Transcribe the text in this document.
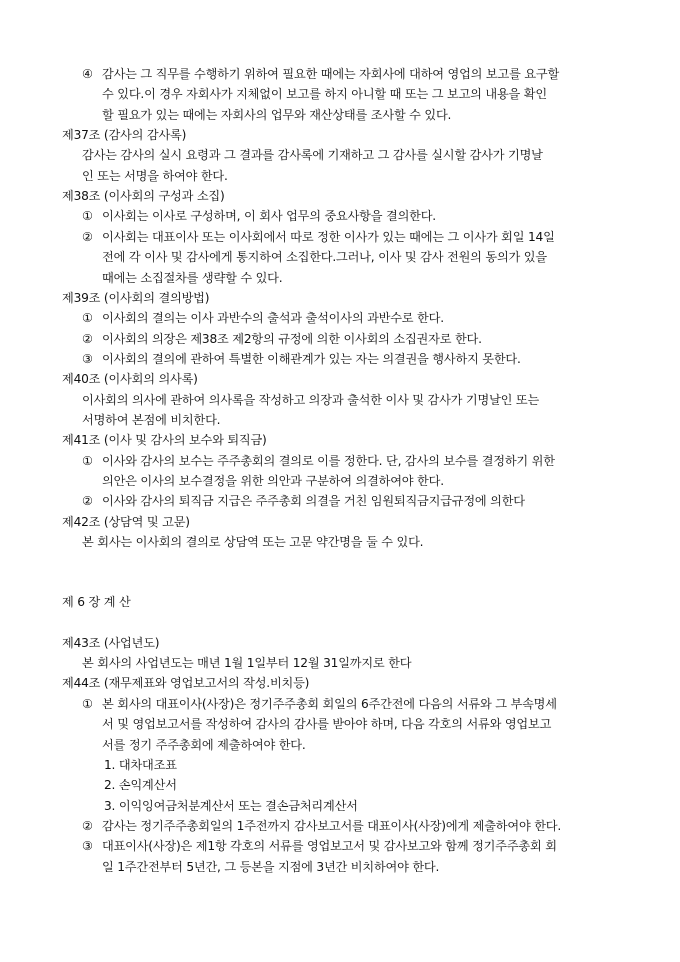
④ 감사는 그 직무를 수행하기 위하여 필요한 때에는 자회사에 대하여 영업의 보고를 요구할
수 있다.이 경우 자회사가 지체없이 보고를 하지 아니할 때 또는 그 보고의 내용을 확인
할 필요가 있는 때에는 자회사의 업무와 재산상태를 조사할 수 있다.
제37조 (감사의 감사록)
감사는 감사의 실시 요령과 그 결과를 감사록에 기재하고 그 감사를 실시할 감사가 기명날
인 또는 서명을 하여야 한다.
제38조 (이사회의 구성과 소집)
① 이사회는 이사로 구성하며, 이 회사 업무의 중요사항을 결의한다.
② 이사회는 대표이사 또는 이사회에서 따로 정한 이사가 있는 때에는 그 이사가 회일 14일
전에 각 이사 및 감사에게 통지하여 소집한다.그러나, 이사 및 감사 전원의 동의가 있을
때에는 소집절차를 생략할 수 있다.
제39조 (이사회의 결의방법)
① 이사회의 결의는 이사 과반수의 출석과 출석이사의 과반수로 한다.
② 이사회의 의장은 제38조 제2항의 규정에 의한 이사회의 소집권자로 한다.
③ 이사회의 결의에 관하여 특별한 이해관계가 있는 자는 의결권을 행사하지 못한다.
제40조 (이사회의 의사록)
이사회의 의사에 관하여 의사록을 작성하고 의장과 출석한 이사 및 감사가 기명날인 또는
서명하여 본점에 비치한다.
제41조 (이사 및 감사의 보수와 퇴직금)
① 이사와 감사의 보수는 주주총회의 결의로 이를 정한다. 단, 감사의 보수를 결정하기 위한
의안은 이사의 보수결정을 위한 의안과 구분하여 의결하여야 한다.
② 이사와 감사의 퇴직금 지급은 주주총회 의결을 거친 임원퇴직금지급규정에 의한다
제42조 (상담역 및 고문)
본 회사는 이사회의 결의로 상담역 또는 고문 약간명을 둘 수 있다.
제 6 장 계 산
제43조 (사업년도)
본 회사의 사업년도는 매년 1월 1일부터 12월 31일까지로 한다
제44조 (재무제표와 영업보고서의 작성.비치등)
① 본 회사의 대표이사(사장)은 정기주주총회 회일의 6주간전에 다음의 서류와 그 부속명세
서 및 영업보고서를 작성하여 감사의 감사를 받아야 하며, 다음 각호의 서류와 영업보고
서를 정기 주주총회에 제출하여야 한다.
1. 대차대조표
2. 손익계산서
3. 이익잉여금처분계산서 또는 결손금처리계산서
② 감사는 정기주주총회일의 1주전까지 감사보고서를 대표이사(사장)에게 제출하여야 한다.
③ 대표이사(사장)은 제1항 각호의 서류를 영업보고서 및 감사보고와 함께 정기주주총회 회
일 1주간전부터 5년간, 그 등본을 지점에 3년간 비치하여야 한다.
